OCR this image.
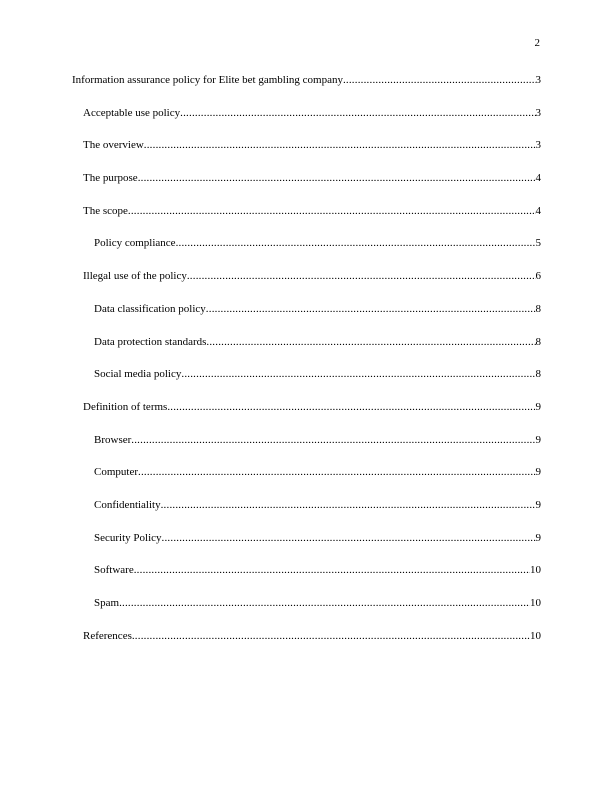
2
Information assurance policy for Elite bet gambling company .....	3
Acceptable use policy .....	3
The overview .....	3
The purpose .....	4
The scope .....	4
Policy compliance .....	5
Illegal use of the policy .....	6
Data classification policy .....	8
Data protection standards .....	8
Social media policy .....	8
Definition of terms .....	9
Browser .....	9
Computer .....	9
Confidentiality .....	9
Security Policy .....	9
Software .....	10
Spam .....	10
References .....	10
